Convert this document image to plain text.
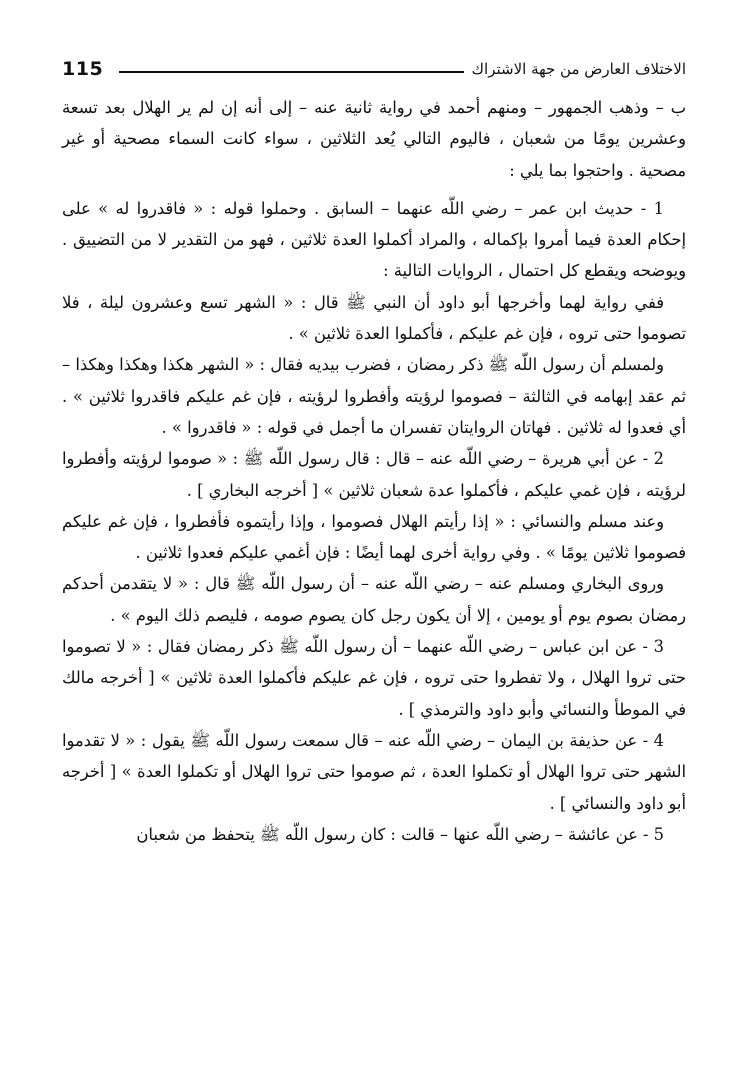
115	الاختلاف العارض من جهة الاشتراك

ب – وذهب الجمهور – ومنهم أحمد في رواية ثانية عنه – إلى أنه إن لم ير الهلال بعد تسعة وعشرين يومًا من شعبان ، فاليوم التالي يُعد الثلاثين ، سواء كانت السماء مصحية أو غير مصحية . واحتجوا بما يلي :

1 - حديث ابن عمر – رضي اللّه عنهما – السابق . وحملوا قوله : « فاقدروا له » على إحكام العدة فيما أمروا بإكماله ، والمراد أكملوا العدة ثلاثين ، فهو من التقدير لا من التضييق . ويوضحه ويقطع كل احتمال ، الروايات التالية :

ففي رواية لهما وأخرجها أبو داود أن النبي ﷺ قال : « الشهر تسع وعشرون ليلة ، فلا تصوموا حتى تروه ، فإن غم عليكم ، فأكملوا العدة ثلاثين » .

ولمسلم أن رسول اللّه ﷺ ذكر رمضان ، فضرب بيديه فقال : « الشهر هكذا وهكذا وهكذا – ثم عقد إبهامه في الثالثة – فصوموا لرؤيته وأفطروا لرؤيته ، فإن غم عليكم فاقدروا ثلاثين » . أي فعدوا له ثلاثين . فهاتان الروايتان تفسران ما أجمل في قوله : « فاقدروا » .

2 - عن أبي هريرة – رضي اللّه عنه – قال : قال رسول اللّه ﷺ : « صوموا لرؤيته وأفطروا لرؤيته ، فإن غمي عليكم ، فأكملوا عدة شعبان ثلاثين » [ أخرجه البخاري ] .

وعند مسلم والنسائي : « إذا رأيتم الهلال فصوموا ، وإذا رأيتموه فأفطروا ، فإن غم عليكم فصوموا ثلاثين يومًا » . وفي رواية أخرى لهما أيضًا : فإن أغمي عليكم فعدوا ثلاثين .

وروى البخاري ومسلم عنه – رضي اللّه عنه – أن رسول اللّه ﷺ قال : « لا يتقدمن أحدكم رمضان بصوم يوم أو يومين ، إلا أن يكون رجل كان يصوم صومه ، فليصم ذلك اليوم » .

3 - عن ابن عباس – رضي اللّه عنهما – أن رسول اللّه ﷺ ذكر رمضان فقال : « لا تصوموا حتى تروا الهلال ، ولا تفطروا حتى تروه ، فإن غم عليكم فأكملوا العدة ثلاثين » [ أخرجه مالك في الموطأ والنسائي وأبو داود والترمذي ] .

4 - عن حذيفة بن اليمان – رضي اللّه عنه – قال سمعت رسول اللّه ﷺ يقول : « لا تقدموا الشهر حتى تروا الهلال أو تكملوا العدة ، ثم صوموا حتى تروا الهلال أو تكملوا العدة » [ أخرجه أبو داود والنسائي ] .

5 - عن عائشة – رضي اللّه عنها – قالت : كان رسول اللّه ﷺ يتحفظ من شعبان
